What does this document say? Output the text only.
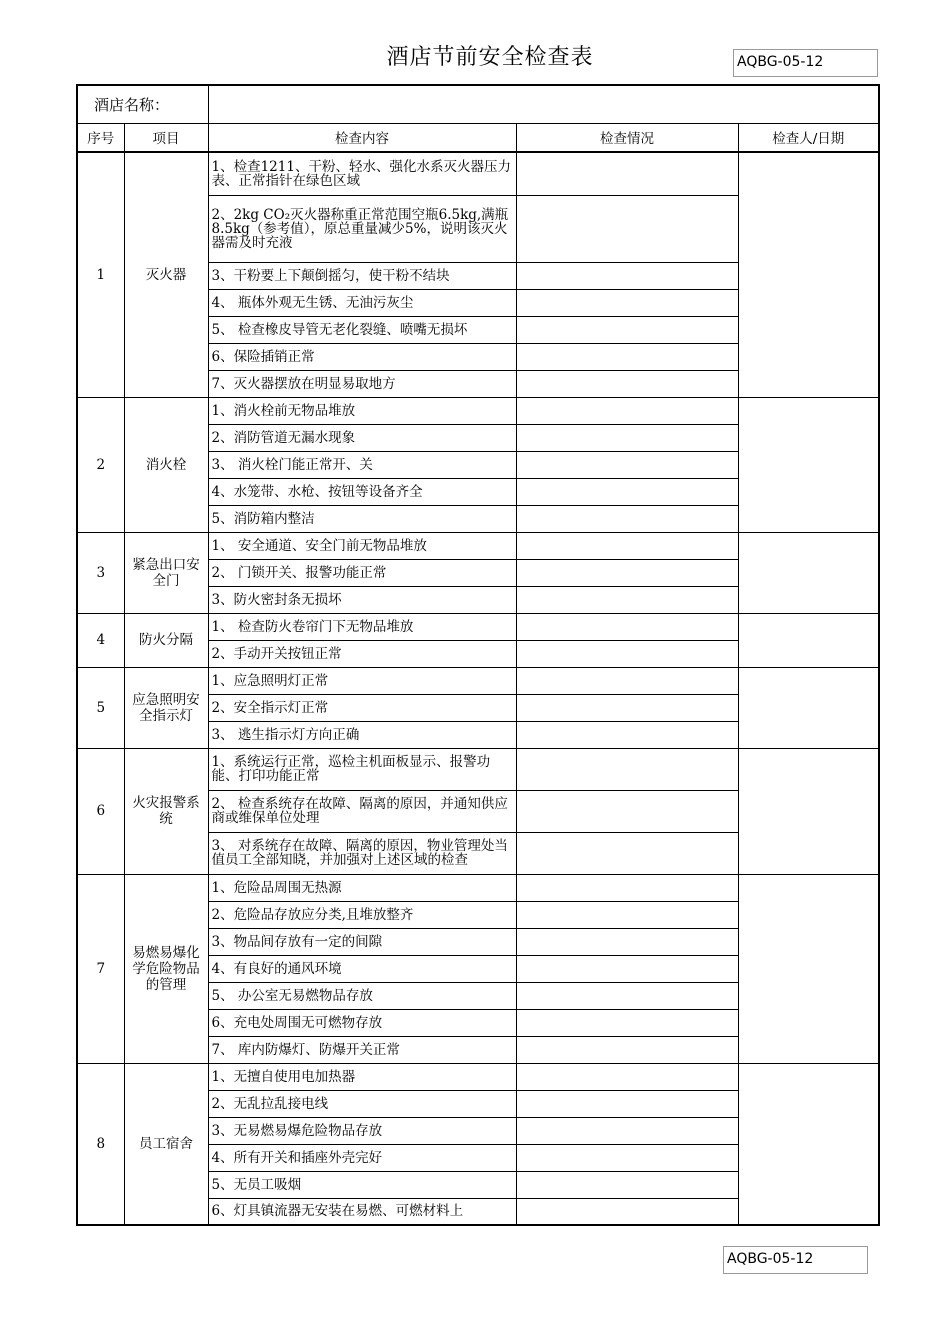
酒店节前安全检查表	AQBG-05-12
酒店名称：				
序号	项目	检查内容	检查情况	检查人/日期
1	灭火器	1、检查1211、干粉、轻水、强化水系灭火器压力表、正常指针在绿色区域		
		2、2kg CO₂灭火器称重正常范围空瓶6.5kg,满瓶8.5kg（参考值），原总重量减少5%，说明该灭火器需及时充液		
		3、干粉要上下颠倒摇匀，使干粉不结块		
		4、 瓶体外观无生锈、无油污灰尘		
		5、 检查橡皮导管无老化裂缝、喷嘴无损坏		
		6、保险插销正常		
		7、灭火器摆放在明显易取地方		
2	消火栓	1、消火栓前无物品堆放		
		2、消防管道无漏水现象		
		3、 消火栓门能正常开、关		
		4、水笼带、水枪、按钮等设备齐全		
		5、消防箱内整洁		
3	紧急出口安全门	1、 安全通道、安全门前无物品堆放		
		2、 门锁开关、报警功能正常		
		3、防火密封条无损坏		
4	防火分隔	1、 检查防火卷帘门下无物品堆放		
		2、手动开关按钮正常		
5	应急照明安全指示灯	1、应急照明灯正常		
		2、安全指示灯正常		
		3、 逃生指示灯方向正确		
6	火灾报警系统	1、系统运行正常，巡检主机面板显示、报警功能、打印功能正常		
		2、 检查系统存在故障、隔离的原因，并通知供应商或维保单位处理		
		3、 对系统存在故障、隔离的原因，物业管理处当值员工全部知晓，并加强对上述区域的检查		
7	易燃易爆化学危险物品的管理	1、危险品周围无热源		
		2、危险品存放应分类,且堆放整齐		
		3、物品间存放有一定的间隙		
		4、有良好的通风环境		
		5、 办公室无易燃物品存放		
		6、充电处周围无可燃物存放		
		7、 库内防爆灯、防爆开关正常		
8	员工宿舍	1、无擅自使用电加热器		
		2、无乱拉乱接电线		
		3、无易燃易爆危险物品存放		
		4、所有开关和插座外壳完好		
		5、无员工吸烟		
		6、灯具镇流器无安装在易燃、可燃材料上		
AQBG-05-12
